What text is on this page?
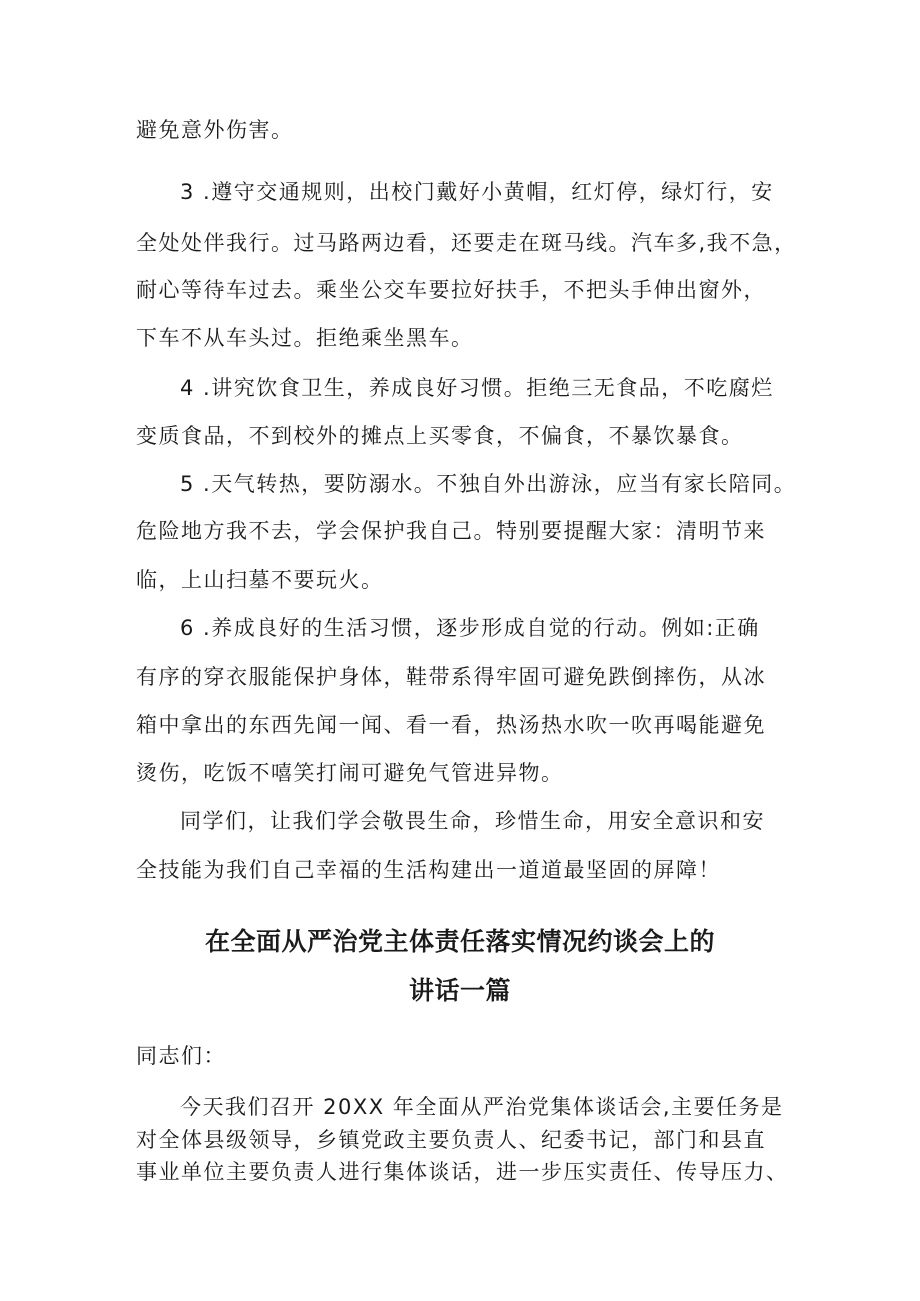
避免意外伤害。
3 .遵守交通规则，出校门戴好小黄帽，红灯停，绿灯行，安
全处处伴我行。过马路两边看，还要走在斑马线。汽车多,我不急，
耐心等待车过去。乘坐公交车要拉好扶手，不把头手伸出窗外，
下车不从车头过。拒绝乘坐黑车。
4 .讲究饮食卫生，养成良好习惯。拒绝三无食品，不吃腐烂
变质食品，不到校外的摊点上买零食，不偏食，不暴饮暴食。
5 .天气转热，要防溺水。不独自外出游泳，应当有家长陪同。
危险地方我不去，学会保护我自己。特别要提醒大家：清明节来
临，上山扫墓不要玩火。
6 .养成良好的生活习惯，逐步形成自觉的行动。例如:正确
有序的穿衣服能保护身体，鞋带系得牢固可避免跌倒摔伤，从冰
箱中拿出的东西先闻一闻、看一看，热汤热水吹一吹再喝能避免
烫伤，吃饭不嘻笑打闹可避免气管进异物。
同学们，让我们学会敬畏生命，珍惜生命，用安全意识和安
全技能为我们自己幸福的生活构建出一道道最坚固的屏障！
在全面从严治党主体责任落实情况约谈会上的
讲话一篇
同志们：
今天我们召开 20XX 年全面从严治党集体谈话会,主要任务是
对全体县级领导，乡镇党政主要负责人、纪委书记，部门和县直
事业单位主要负责人进行集体谈话，进一步压实责任、传导压力、
